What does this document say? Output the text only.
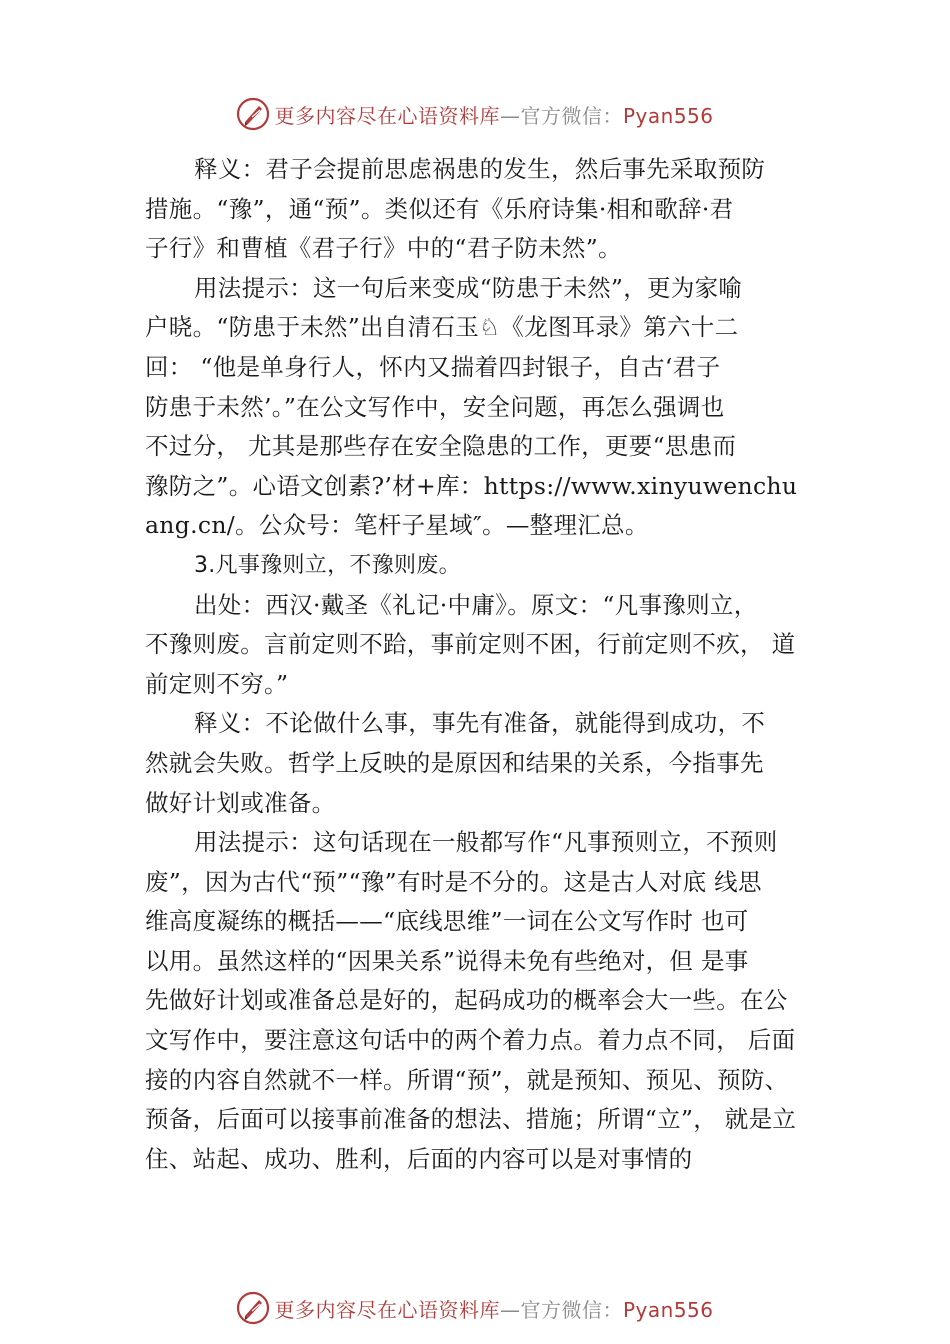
更多内容尽在心语资料库—官方微信：Pyan556

释义：君子会提前思虑祸患的发生，然后事先采取预防
措施。“豫”，通“预”。类似还有《乐府诗集·相和歌辞·君
子行》和曹植《君子行》中的“君子防未然”。

用法提示：这一句后来变成“防患于未然”，更为家喻
户晓。“防患于未然”出自清石玉♘《龙图耳录》第六十二
回： “他是单身行人，怀内又揣着四封银子，自古‘君子
防患于未然’。”在公文写作中，安全问题，再怎么强调也
不过分， 尤其是那些存在安全隐患的工作，更要“思患而
豫防之”。心语文创素?’材+库：https://www.xinyuwenchu
ang.cn/。公众号：笔杆子星域″。—整理汇总。

3.凡事豫则立，不豫则废。

出处：西汉·戴圣《礼记·中庸》。原文：“凡事豫则立，
不豫则废。言前定则不跲，事前定则不困，行前定则不疚， 道
前定则不穷。”

释义：不论做什么事，事先有准备，就能得到成功，不
然就会失败。哲学上反映的是原因和结果的关系，今指事先
做好计划或准备。

用法提示：这句话现在一般都写作“凡事预则立，不预则
废”，因为古代“预”“豫”有时是不分的。这是古人对底 线思
维高度凝练的概括——“底线思维”一词在公文写作时 也可
以用。虽然这样的“因果关系”说得未免有些绝对，但 是事
先做好计划或准备总是好的，起码成功的概率会大一些。在公
文写作中，要注意这句话中的两个着力点。着力点不同， 后面
接的内容自然就不一样。所谓“预”，就是预知、预见、预防、
预备，后面可以接事前准备的想法、措施；所谓“立”， 就是立
住、站起、成功、胜利，后面的内容可以是对事情的

更多内容尽在心语资料库—官方微信：Pyan556
